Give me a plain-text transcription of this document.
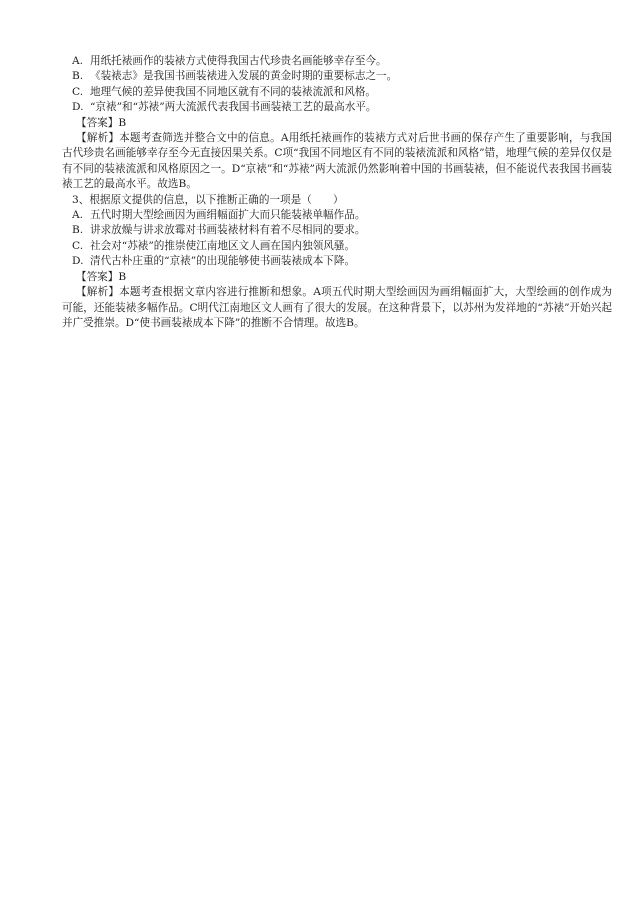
A. 用纸托裱画作的装裱方式使得我国古代珍贵名画能够幸存至今。
B. 《装裱志》是我国书画装裱进入发展的黄金时期的重要标志之一。
C. 地理气候的差异使我国不同地区就有不同的装裱流派和风格。
D. “京裱”和“苏裱”两大流派代表我国书画装裱工艺的最高水平。
【答案】B
【解析】本题考查筛选并整合文中的信息。A用纸托裱画作的装裱方式对后世书画的保存产生了重要影响，与我国古代珍贵名画能够幸存至今无直接因果关系。C项“我国不同地区有不同的装裱流派和风格”错，地理气候的差异仅仅是有不同的装裱流派和风格原因之一。D“京裱”和“苏裱”两大流派仍然影响着中国的书画装裱，但不能说代表我国书画装裱工艺的最高水平。故选B。
3、根据原文提供的信息，以下推断正确的一项是（　　）
A. 五代时期大型绘画因为画绢幅面扩大而只能装裱单幅作品。
B. 讲求放燥与讲求放霉对书画装裱材料有着不尽相同的要求。
C. 社会对“苏裱”的推崇使江南地区文人画在国内独领风骚。
D. 清代古朴庄重的“京裱”的出现能够使书画装裱成本下降。
【答案】B
【解析】本题考查根据文章内容进行推断和想象。A项五代时期大型绘画因为画绢幅面扩大，大型绘画的创作成为可能，还能装裱多幅作品。C明代江南地区文人画有了很大的发展。在这种背景下，以苏州为发祥地的“苏裱”开始兴起并广受推崇。D“使书画装裱成本下降”的推断不合情理。故选B。
